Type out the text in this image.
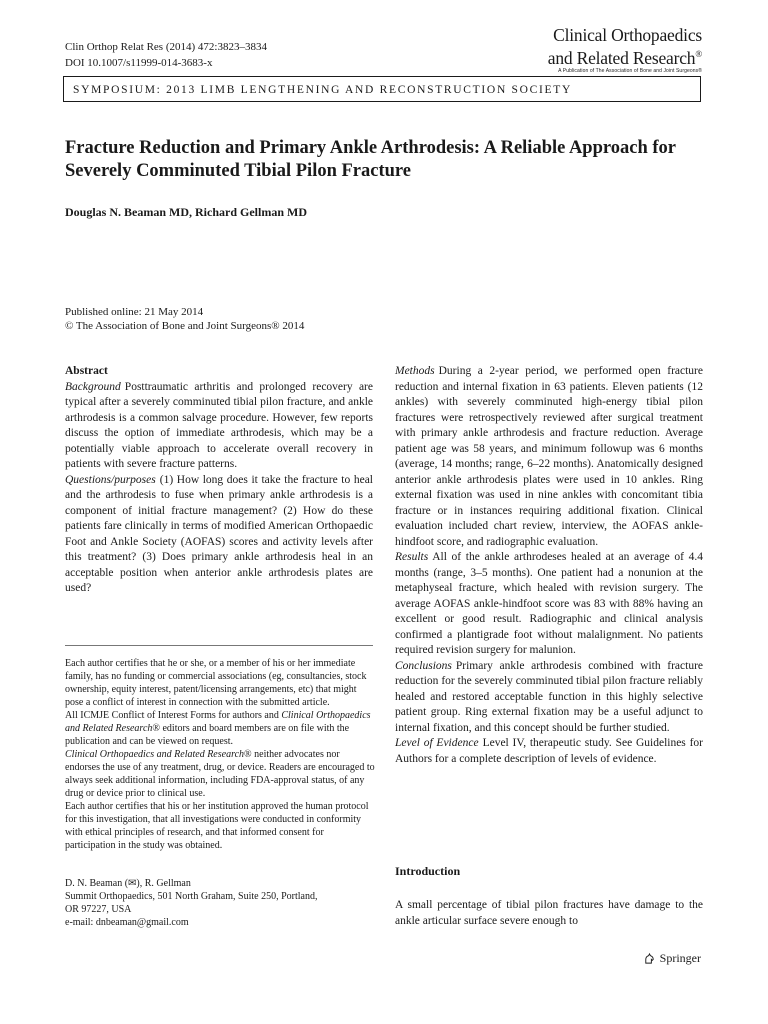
Clin Orthop Relat Res (2014) 472:3823–3834
DOI 10.1007/s11999-014-3683-x
Clinical Orthopaedics
and Related Research®
A Publication of The Association of Bone and Joint Surgeons®
SYMPOSIUM: 2013 LIMB LENGTHENING AND RECONSTRUCTION SOCIETY
Fracture Reduction and Primary Ankle Arthrodesis: A Reliable Approach for Severely Comminuted Tibial Pilon Fracture
Douglas N. Beaman MD, Richard Gellman MD
Published online: 21 May 2014
© The Association of Bone and Joint Surgeons® 2014

Abstract

Background Posttraumatic arthritis and prolonged recovery are typical after a severely comminuted tibial pilon fracture, and ankle arthrodesis is a common salvage procedure. However, few reports discuss the option of immediate arthrodesis, which may be a potentially viable approach to accelerate overall recovery in patients with severe fracture patterns.

Questions/purposes (1) How long does it take the fracture to heal and the arthrodesis to fuse when primary ankle arthrodesis is a component of initial fracture management? (2) How do these patients fare clinically in terms of modified American Orthopaedic Foot and Ankle Society (AOFAS) scores and activity levels after this treatment? (3) Does primary ankle arthrodesis heal in an acceptable position when anterior ankle arthrodesis plates are used?

Each author certifies that he or she, or a member of his or her immediate family, has no funding or commercial associations (eg, consultancies, stock ownership, equity interest, patent/licensing arrangements, etc) that might pose a conflict of interest in connection with the submitted article.

All ICMJE Conflict of Interest Forms for authors and Clinical Orthopaedics and Related Research® editors and board members are on file with the publication and can be viewed on request.

Clinical Orthopaedics and Related Research® neither advocates nor endorses the use of any treatment, drug, or device. Readers are encouraged to always seek additional information, including FDA-approval status, of any drug or device prior to clinical use.

Each author certifies that his or her institution approved the human protocol for this investigation, that all investigations were conducted in conformity with ethical principles of research, and that informed consent for participation in the study was obtained.

D. N. Beaman (✉), R. Gellman

Summit Orthopaedics, 501 North Graham, Suite 250, Portland,

OR 97227, USA

e-mail: dnbeaman@gmail.com

Methods During a 2-year period, we performed open fracture reduction and internal fixation in 63 patients. Eleven patients (12 ankles) with severely comminuted high-energy tibial pilon fractures were retrospectively reviewed after surgical treatment with primary ankle arthrodesis and fracture reduction. Average patient age was 58 years, and minimum followup was 6 months (average, 14 months; range, 6–22 months). Anatomically designed anterior ankle arthrodesis plates were used in 10 ankles. Ring external fixation was used in nine ankles with concomitant tibia fracture or in instances requiring additional fixation. Clinical evaluation included chart review, interview, the AOFAS ankle-hindfoot score, and radiographic evaluation.

Results All of the ankle arthrodeses healed at an average of 4.4 months (range, 3–5 months). One patient had a nonunion at the metaphyseal fracture, which healed with revision surgery. The average AOFAS ankle-hindfoot score was 83 with 88% having an excellent or good result. Radiographic and clinical analysis confirmed a plantigrade foot without malalignment. No patients required revision surgery for malunion.

Conclusions Primary ankle arthrodesis combined with fracture reduction for the severely comminuted tibial pilon fracture reliably healed and restored acceptable function in this highly selective patient group. Ring external fixation may be a useful adjunct to internal fixation, and this concept should be further studied.

Level of Evidence Level IV, therapeutic study. See Guidelines for Authors for a complete description of levels of evidence.

Introduction
A small percentage of tibial pilon fractures have damage to the ankle articular surface severe enough to
Springer
